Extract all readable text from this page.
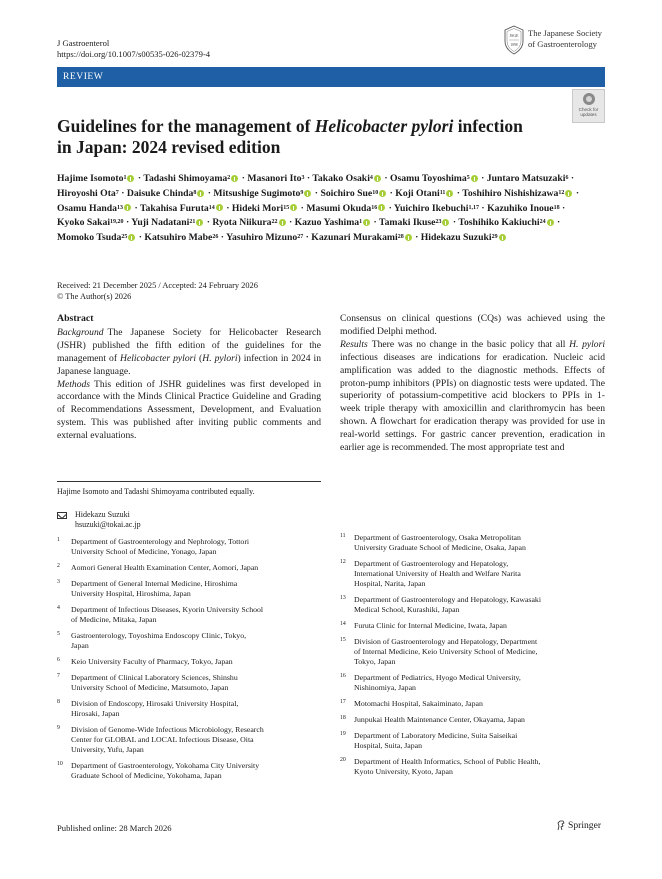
J Gastroenterol
https://doi.org/10.1007/s00535-026-02379-4
JSGE
1898
The Japanese Society
of Gastroenterology
REVIEW
Check for
updates
Guidelines for the management of Helicobacter pylori infection
in Japan: 2024 revised edition
Hajime Isomoto$^1$ · Tadashi Shimoyama$^2$ · Masanori Ito$^3$ · Takako Osaki$^4$ · Osamu Toyoshima$^5$ · Juntaro Matsuzaki$^6$ · Hiroyoshi Ota$^7$ · Daisuke Chinda$^8$ · Mitsushige Sugimoto$^9$ · Soichiro Sue$^{10}$ · Koji Otani$^{11}$ · Toshihiro Nishishizawa$^{12}$ · Osamu Handa$^{13}$ · Takahisa Furuta$^{14}$ · Hideki Mori$^{15}$ · Masumi Okuda$^{16}$ · Yuichiro Ikebuchi$^{1,17}$ · Kazuhiko Inoue$^{18}$ · Kyoko Sakai$^{19,20}$ · Yuji Nadatani$^{21}$ · Ryota Niikura$^{22}$ · Kazuo Yashima$^1$ · Tamaki Ikuse$^{23}$ · Toshihiko Kakiuchi$^{24}$ · Momoko Tsuda$^{25}$ · Katsuhiro Mabe$^{26}$ · Yasuhiro Mizuno$^{27}$ · Kazunari Murakami$^{28}$ · Hidekazu Suzuki$^{29}$
Received: 21 December 2025 / Accepted: 24 February 2026
© The Author(s) 2026
Abstract

Background The Japanese Society for Helicobacter Research (JSHR) published the fifth edition of the guidelines for the management of Helicobacter pylori (H. pylori) infection in 2024 in Japanese language.

Methods This edition of JSHR guidelines was first developed in accordance with the Minds Clinical Practice Guideline and Grading of Recommendations Assessment, Development, and Evaluation system. This was published after inviting public comments and external evaluations.

Consensus on clinical questions (CQs) was achieved using the modified Delphi method.

Results There was no change in the basic policy that all H. pylori infectious diseases are indications for eradication. Nucleic acid amplification was added to the diagnostic methods. Effects of proton-pump inhibitors (PPIs) on diagnostic tests were updated. The superiority of potassium-competitive acid blockers to PPIs in 1-week triple therapy with amoxicillin and clarithromycin has been shown. A flowchart for eradication therapy was provided for use in real-world settings. For gastric cancer prevention, eradication in earlier age is recommended. The most appropriate test and

Hajime Isomoto and Tadashi Shimoyama contributed equally.
Hidekazu Suzuki
hsuzuki@tokai.ac.jp
1 Department of Gastroenterology and Nephrology, Tottori
University School of Medicine, Yonago, Japan
2 Aomori General Health Examination Center, Aomori, Japan
3 Department of General Internal Medicine, Hiroshima
University Hospital, Hiroshima, Japan
4 Department of Infectious Diseases, Kyorin University School
of Medicine, Mitaka, Japan
5 Gastroenterology, Toyoshima Endoscopy Clinic, Tokyo,
Japan
6 Keio University Faculty of Pharmacy, Tokyo, Japan
7 Department of Clinical Laboratory Sciences, Shinshu
University School of Medicine, Matsumoto, Japan
8 Division of Endoscopy, Hirosaki University Hospital,
Hirosaki, Japan
9 Division of Genome-Wide Infectious Microbiology, Research
Center for GLOBAL and LOCAL Infectious Disease, Oita
University, Yufu, Japan
10 Department of Gastroenterology, Yokohama City University
Graduate School of Medicine, Yokohama, Japan
11 Department of Gastroenterology, Osaka Metropolitan
University Graduate School of Medicine, Osaka, Japan
12 Department of Gastroenterology and Hepatology,
International University of Health and Welfare Narita
Hospital, Narita, Japan
13 Department of Gastroenterology and Hepatology, Kawasaki
Medical School, Kurashiki, Japan
14 Furuta Clinic for Internal Medicine, Iwata, Japan
15 Division of Gastroenterology and Hepatology, Department
of Internal Medicine, Keio University School of Medicine,
Tokyo, Japan
16 Department of Pediatrics, Hyogo Medical University,
Nishinomiya, Japan
17 Motomachi Hospital, Sakaiminato, Japan
18 Junpukai Health Maintenance Center, Okayama, Japan
19 Department of Laboratory Medicine, Suita Saiseikai
Hospital, Suita, Japan
20 Department of Health Informatics, School of Public Health,
Kyoto University, Kyoto, Japan
Published online: 28 March 2026	Springer
